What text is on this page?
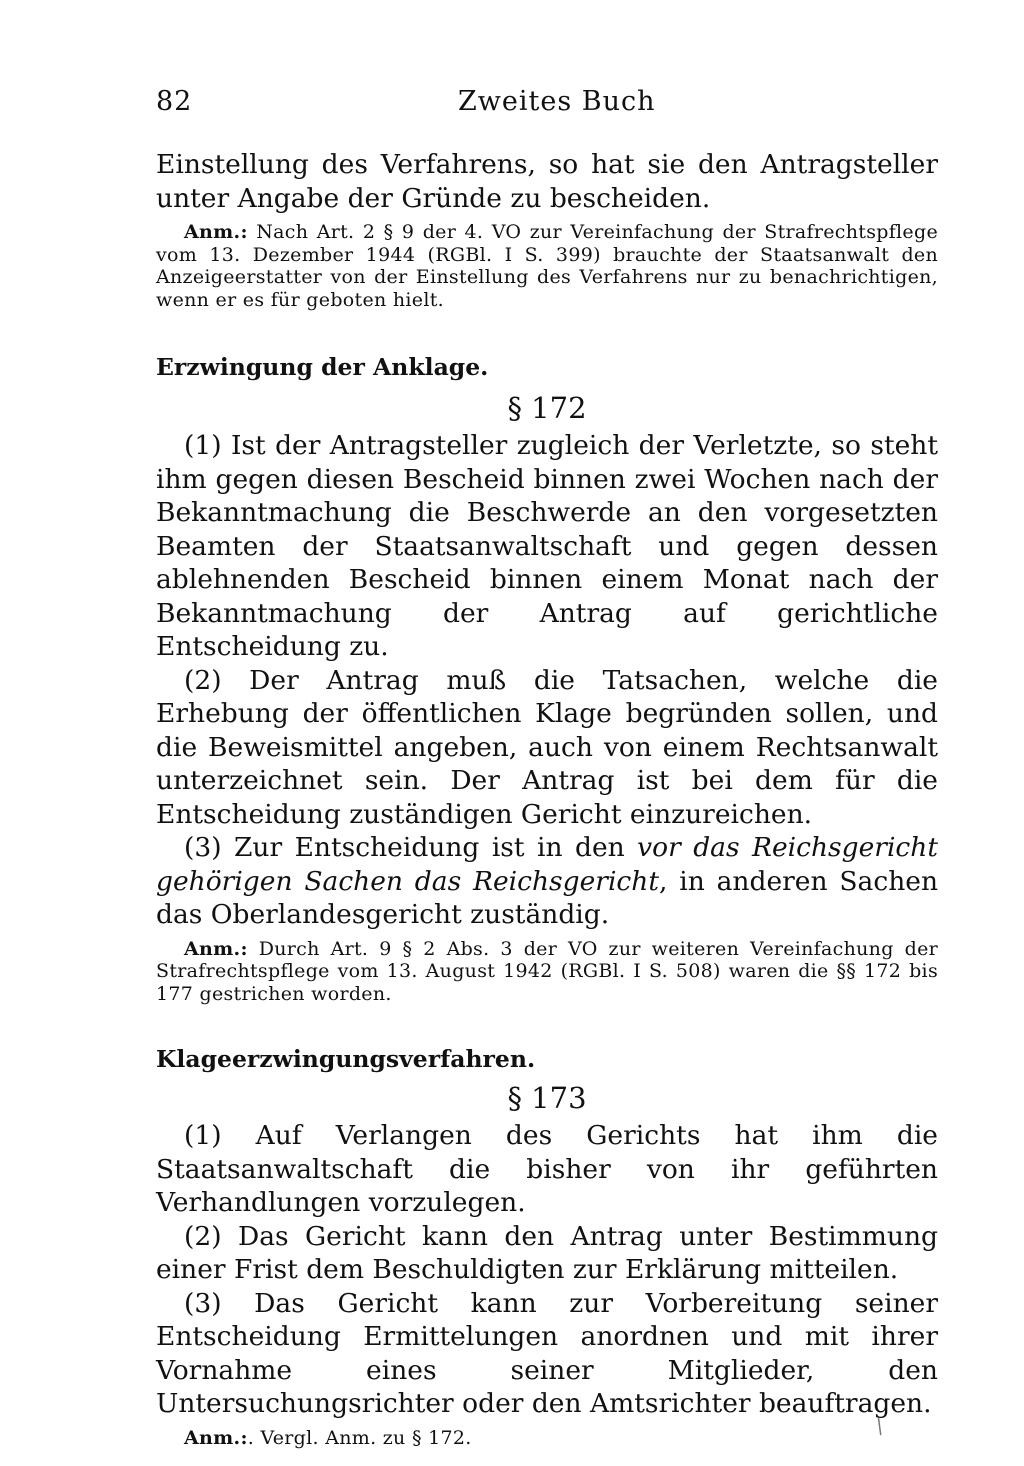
82	Zweites Buch

Einstellung des Verfahrens, so hat sie den Antragsteller unter Angabe der Gründe zu bescheiden.

Anm.: Nach Art. 2 § 9 der 4. VO zur Vereinfachung der Strafrechtspflege vom 13. Dezember 1944 (RGBl. I S. 399) brauchte der Staatsanwalt den Anzeigeerstatter von der Einstellung des Verfahrens nur zu benachrichtigen, wenn er es für geboten hielt.

Erzwingung der Anklage.

§ 172

(1) Ist der Antragsteller zugleich der Verletzte, so steht ihm gegen diesen Bescheid binnen zwei Wochen nach der Bekanntmachung die Beschwerde an den vorgesetzten Beamten der Staatsanwaltschaft und gegen dessen ablehnenden Bescheid binnen einem Monat nach der Bekanntmachung der Antrag auf gerichtliche Entscheidung zu.

(2) Der Antrag muß die Tatsachen, welche die Erhebung der öffentlichen Klage begründen sollen, und die Beweismittel angeben, auch von einem Rechtsanwalt unterzeichnet sein. Der Antrag ist bei dem für die Entscheidung zuständigen Gericht einzureichen.

(3) Zur Entscheidung ist in den vor das Reichsgericht gehörigen Sachen das Reichsgericht, in anderen Sachen das Oberlandesgericht zuständig.

Anm.: Durch Art. 9 § 2 Abs. 3 der VO zur weiteren Vereinfachung der Strafrechtspflege vom 13. August 1942 (RGBl. I S. 508) waren die §§ 172 bis 177 gestrichen worden.

Klageerzwingungsverfahren.

§ 173

(1) Auf Verlangen des Gerichts hat ihm die Staatsanwaltschaft die bisher von ihr geführten Verhandlungen vorzulegen.

(2) Das Gericht kann den Antrag unter Bestimmung einer Frist dem Beschuldigten zur Erklärung mitteilen.

(3) Das Gericht kann zur Vorbereitung seiner Entscheidung Ermittelungen anordnen und mit ihrer Vornahme eines seiner Mitglieder, den Untersuchungsrichter oder den Amtsrichter beauftragen.

Anm.:. Vergl. Anm. zu § 172.	/
